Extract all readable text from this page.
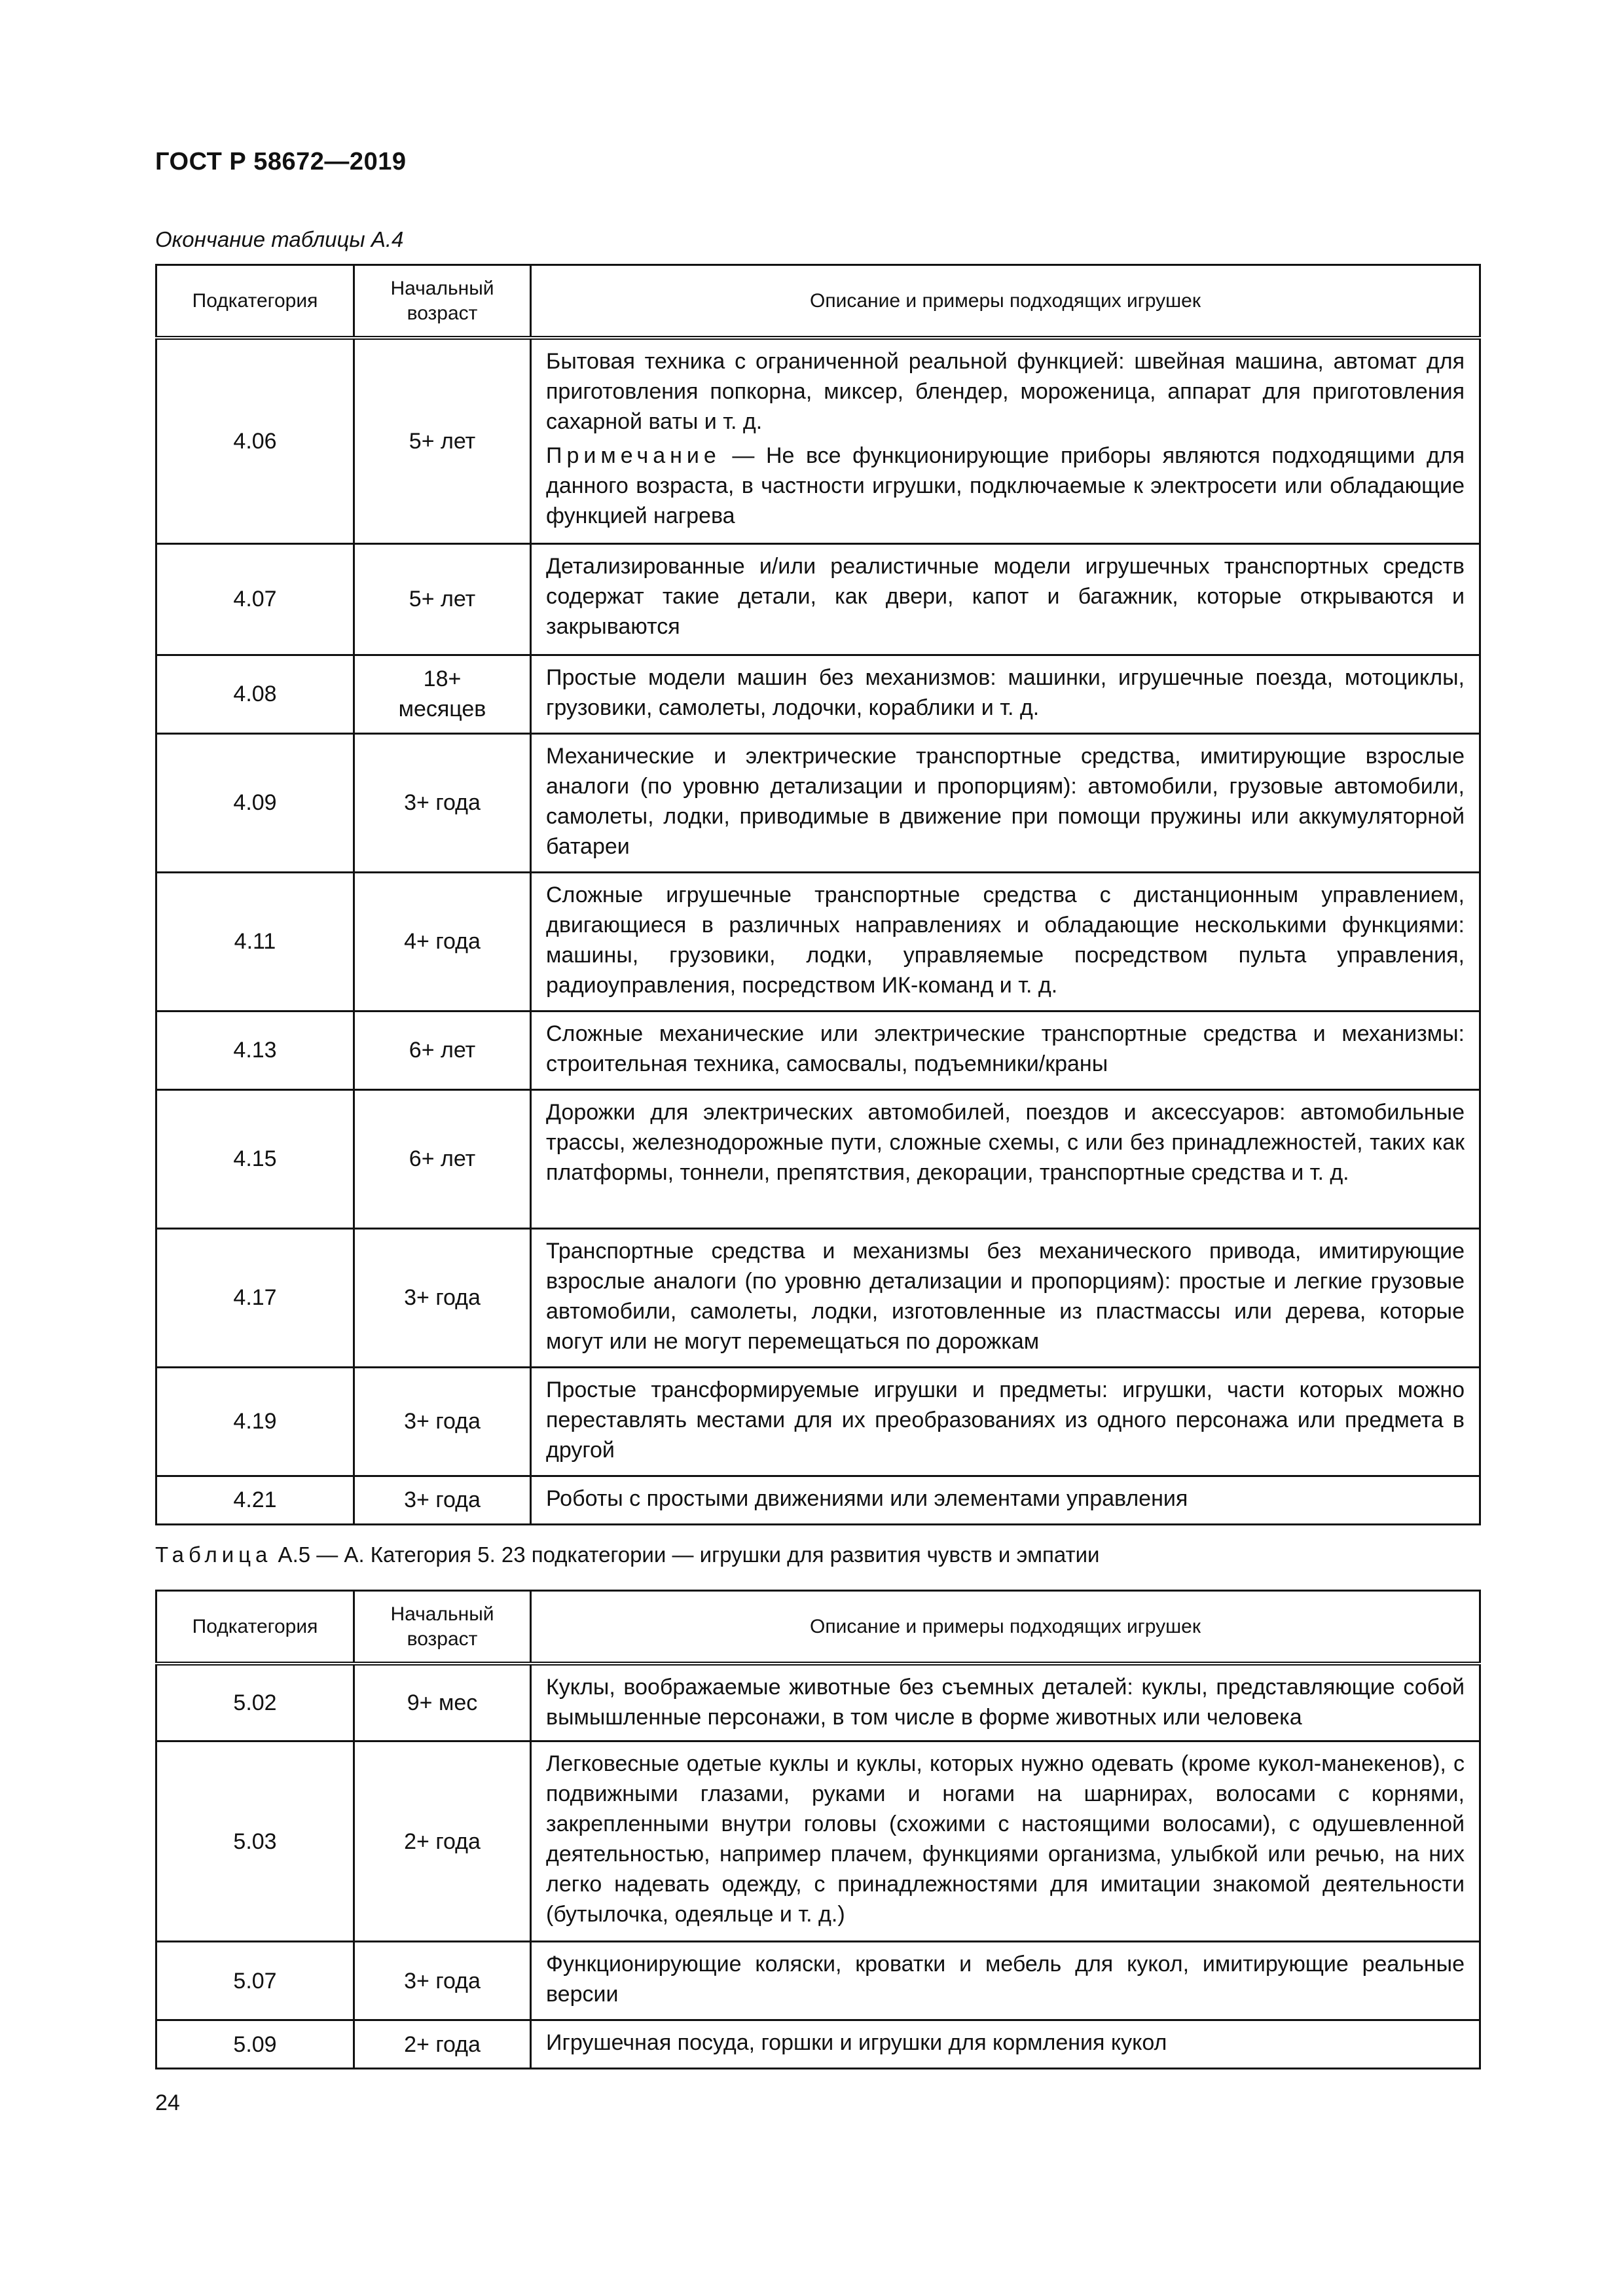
ГОСТ Р 58672—2019
Окончание таблицы А.4
Подкатегория	Начальный возраст	Описание и примеры подходящих игрушек
4.06	5+ лет	Бытовая техника с ограниченной реальной функцией: швейная машина, автомат для приготовления попкорна, миксер, блендер, мороженица, аппарат для приготовления сахарной ваты и т. д.
Примечание — Не все функционирующие приборы являются подходящими для данного возраста, в частности игрушки, подключаемые к электросети или обладающие функцией нагрева

4.07	5+ лет	Детализированные и/или реалистичные модели игрушечных транспортных средств содержат такие детали, как двери, капот и багажник, которые открываются и закрываются
4.08	18+ месяцев	Простые модели машин без механизмов: машинки, игрушечные поезда, мотоциклы, грузовики, самолеты, лодочки, кораблики и т. д.
4.09	3+ года	Механические и электрические транспортные средства, имитирующие взрослые аналоги (по уровню детализации и пропорциям): автомобили, грузовые автомобили, самолеты, лодки, приводимые в движение при помощи пружины или аккумуляторной батареи
4.11	4+ года	Сложные игрушечные транспортные средства с дистанционным управлением, двигающиеся в различных направлениях и обладающие несколькими функциями: машины, грузовики, лодки, управляемые посредством пульта управления, радиоуправления, посредством ИК-команд и т. д.
4.13	6+ лет	Сложные механические или электрические транспортные средства и механизмы: строительная техника, самосвалы, подъемники/краны
4.15	6+ лет	Дорожки для электрических автомобилей, поездов и аксессуаров: автомобильные трассы, железнодорожные пути, сложные схемы, с или без принадлежностей, таких как платформы, тоннели, препятствия, декорации, транспортные средства и т. д.
4.17	3+ года	Транспортные средства и механизмы без механического привода, имитирующие взрослые аналоги (по уровню детализации и пропорциям): простые и легкие грузовые автомобили, самолеты, лодки, изготовленные из пластмассы или дерева, которые могут или не могут перемещаться по дорожкам
4.19	3+ года	Простые трансформируемые игрушки и предметы: игрушки, части которых можно переставлять местами для их преобразованиях из одного персонажа или предмета в другой
4.21	3+ года	Роботы с простыми движениями или элементами управления
Таблица А.5 — А. Категория 5. 23 подкатегории — игрушки для развития чувств и эмпатии
Подкатегория	Начальный возраст	Описание и примеры подходящих игрушек
5.02	9+ мес	Куклы, воображаемые животные без съемных деталей: куклы, представляющие собой вымышленные персонажи, в том числе в форме животных или человека
5.03	2+ года	Легковесные одетые куклы и куклы, которых нужно одевать (кроме кукол-манекенов), с подвижными глазами, руками и ногами на шарнирах, волосами с корнями, закрепленными внутри головы (схожими с настоящими волосами), с одушевленной деятельностью, например плачем, функциями организма, улыбкой или речью, на них легко надевать одежду, с принадлежностями для имитации знакомой деятельности (бутылочка, одеяльце и т. д.)
5.07	3+ года	Функционирующие коляски, кроватки и мебель для кукол, имитирующие реальные версии
5.09	2+ года	Игрушечная посуда, горшки и игрушки для кормления кукол
24
